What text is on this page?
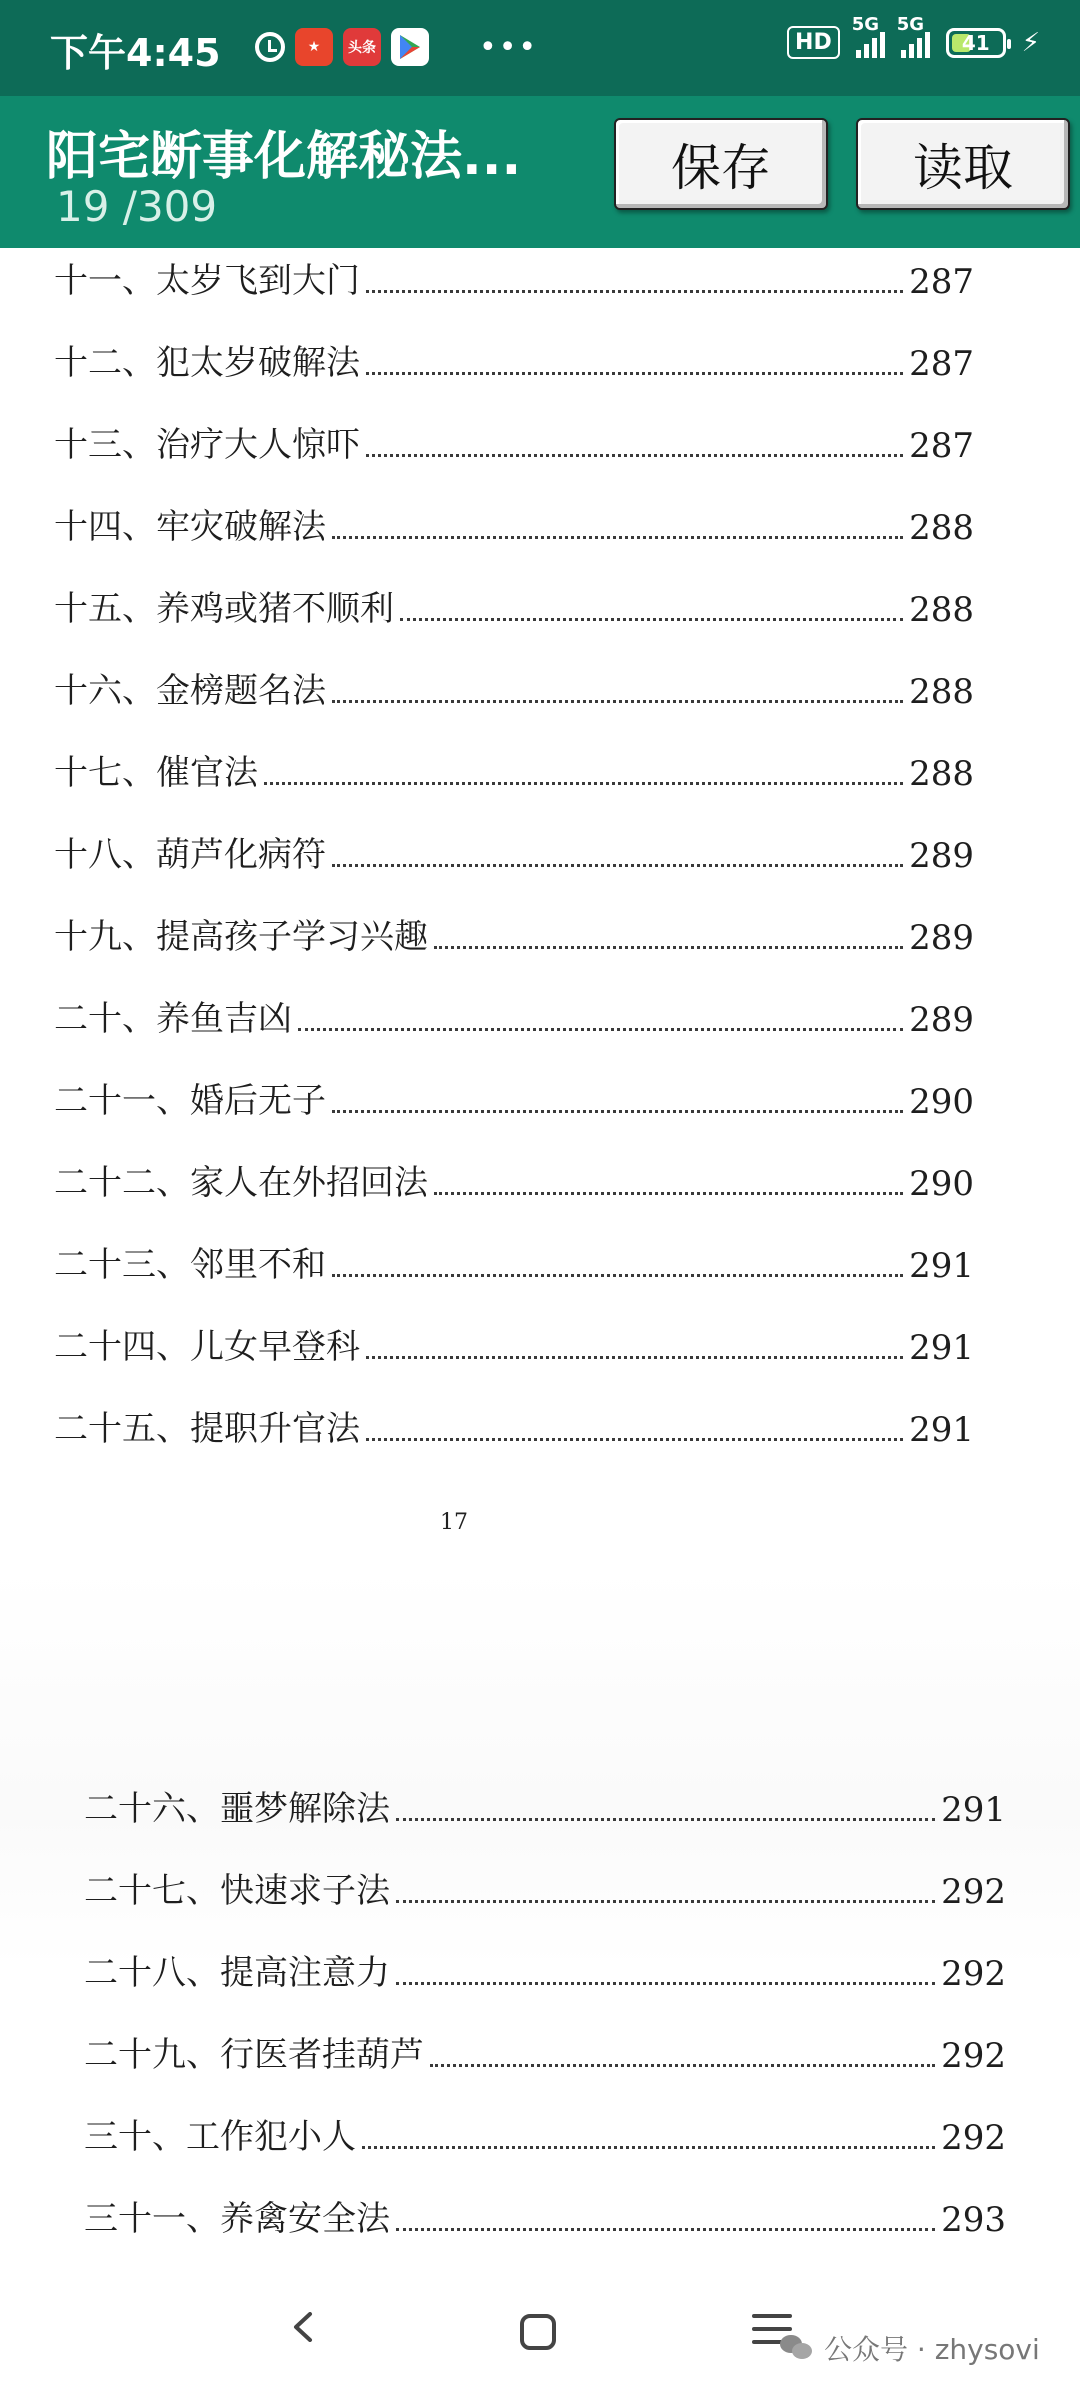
下午4:45	★	头条	•••	HD
5G 5G
41 ⚡
阳宅断事化解秘法...
19 /309
保存	读取
十一、太岁飞到大门	287
十二、犯太岁破解法	287
十三、治疗大人惊吓	287
十四、牢灾破解法	288
十五、养鸡或猪不顺利	288
十六、金榜题名法	288
十七、催官法	288
十八、葫芦化病符	289
十九、提高孩子学习兴趣	289
二十、养鱼吉凶	289
二十一、婚后无子	290
二十二、家人在外招回法	290
二十三、邻里不和	291
二十四、儿女早登科	291
二十五、提职升官法	291
17
二十六、噩梦解除法	291
二十七、快速求子法	292
二十八、提高注意力	292
二十九、行医者挂葫芦	292
三十、工作犯小人	292
三十一、养禽安全法	293
公众号 · zhysovi
